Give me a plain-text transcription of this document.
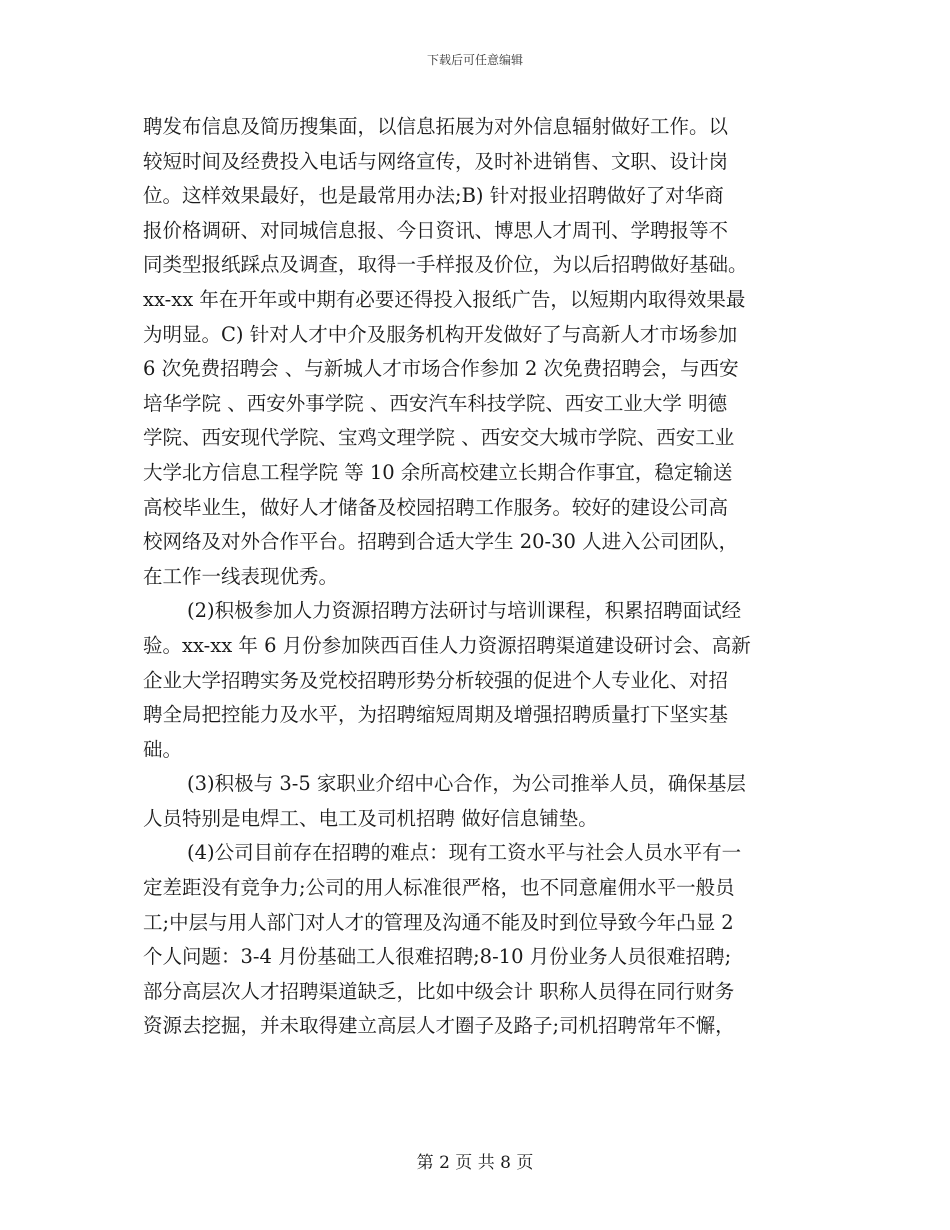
下载后可任意编辑
聘发布信息及简历搜集面，以信息拓展为对外信息辐射做好工作。以
较短时间及经费投入电话与网络宣传，及时补进销售、文职、设计岗
位。这样效果最好，也是最常用办法;B) 针对报业招聘做好了对华商
报价格调研、对同城信息报、今日资讯、博思人才周刊、学聘报等不
同类型报纸踩点及调查，取得一手样报及价位，为以后招聘做好基础。
xx-xx 年在开年或中期有必要还得投入报纸广告，以短期内取得效果最
为明显。C) 针对人才中介及服务机构开发做好了与高新人才市场参加
6 次免费招聘会 、与新城人才市场合作参加 2 次免费招聘会，与西安
培华学院 、西安外事学院 、西安汽车科技学院、西安工业大学 明德
学院、西安现代学院、宝鸡文理学院 、西安交大城市学院、西安工业
大学北方信息工程学院 等 10 余所高校建立长期合作事宜，稳定输送
高校毕业生，做好人才储备及校园招聘工作服务。较好的建设公司高
校网络及对外合作平台。招聘到合适大学生 20-30 人进入公司团队，
在工作一线表现优秀。
(2)积极参加人力资源招聘方法研讨与培训课程，积累招聘面试经
验。xx-xx 年 6 月份参加陕西百佳人力资源招聘渠道建设研讨会、高新
企业大学招聘实务及党校招聘形势分析较强的促进个人专业化、对招
聘全局把控能力及水平，为招聘缩短周期及增强招聘质量打下坚实基
础。
(3)积极与 3-5 家职业介绍中心合作，为公司推举人员，确保基层
人员特别是电焊工、电工及司机招聘 做好信息铺垫。
(4)公司目前存在招聘的难点：现有工资水平与社会人员水平有一
定差距没有竞争力;公司的用人标准很严格，也不同意雇佣水平一般员
工;中层与用人部门对人才的管理及沟通不能及时到位导致今年凸显 2
个人问题：3-4 月份基础工人很难招聘;8-10 月份业务人员很难招聘;
部分高层次人才招聘渠道缺乏，比如中级会计 职称人员得在同行财务
资源去挖掘，并未取得建立高层人才圈子及路子;司机招聘常年不懈，
第 2 页 共 8 页
